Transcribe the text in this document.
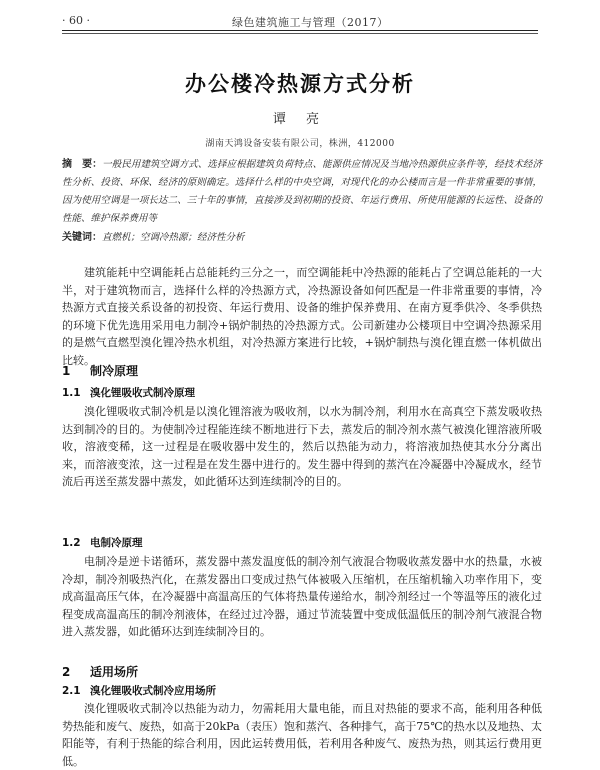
· 60 ·	绿色建筑施工与管理（2017）
办公楼冷热源方式分析
谭 亮
湖南天鸿设备安装有限公司，株洲，412000
摘　要：一般民用建筑空调方式、选择应根据建筑负荷特点、能源供应情况及当地冷热源供应条件等，经技术经济性分析、投资、环保、经济的原则确定。选择什么样的中央空调，对现代化的办公楼而言是一件非常重要的事情，因为使用空调是一项长达二、三十年的事情，直接涉及到初期的投资、年运行费用、所使用能源的长远性、设备的性能、维护保养费用等
关键词：直燃机；空调冷热源；经济性分析

建筑能耗中空调能耗占总能耗约三分之一，而空调能耗中冷热源的能耗占了空调总能耗的一大半，对于建筑物而言，选择什么样的冷热源方式，冷热源设备如何匹配是一件非常重要的事情，冷热源方式直接关系设备的初投资、年运行费用、设备的维护保养费用、在南方夏季供冷、冬季供热的环境下优先选用采用电力制冷+锅炉制热的冷热源方式。公司新建办公楼项目中空调冷热源采用的是燃气直燃型溴化锂冷热水机组，对冷热源方案进行比较，+锅炉制热与溴化锂直燃一体机做出比较。

1 制冷原理
1.1 溴化锂吸收式制冷原理

溴化锂吸收式制冷机是以溴化锂溶液为吸收剂，以水为制冷剂，利用水在高真空下蒸发吸收热达到制冷的目的。为使制冷过程能连续不断地进行下去，蒸发后的制冷剂水蒸气被溴化锂溶液所吸收，溶液变稀，这一过程是在吸收器中发生的，然后以热能为动力，将溶液加热使其水分分离出来，而溶液变浓，这一过程是在发生器中进行的。发生器中得到的蒸汽在冷凝器中冷凝成水，经节流后再送至蒸发器中蒸发，如此循环达到连续制冷的目的。

1.2 电制冷原理

电制冷是逆卡诺循环，蒸发器中蒸发温度低的制冷剂气液混合物吸收蒸发器中水的热量，水被冷却，制冷剂吸热汽化，在蒸发器出口变成过热气体被吸入压缩机，在压缩机输入功率作用下，变成高温高压气体，在冷凝器中高温高压的气体将热量传递给水，制冷剂经过一个等温等压的液化过程变成高温高压的制冷剂液体，在经过过冷器，通过节流装置中变成低温低压的制冷剂气液混合物进入蒸发器，如此循环达到连续制冷目的。

2 适用场所
2.1 溴化锂吸收式制冷应用场所

溴化锂吸收式制冷以热能为动力，勿需耗用大量电能，而且对热能的要求不高，能利用各种低势热能和废气、废热，如高于20kPa（表压）饱和蒸汽、各种排气，高于75℃的热水以及地热、太阳能等，有利于热能的综合利用，因此运转费用低，若利用各种废气、废热为热，则其运行费用更低。
